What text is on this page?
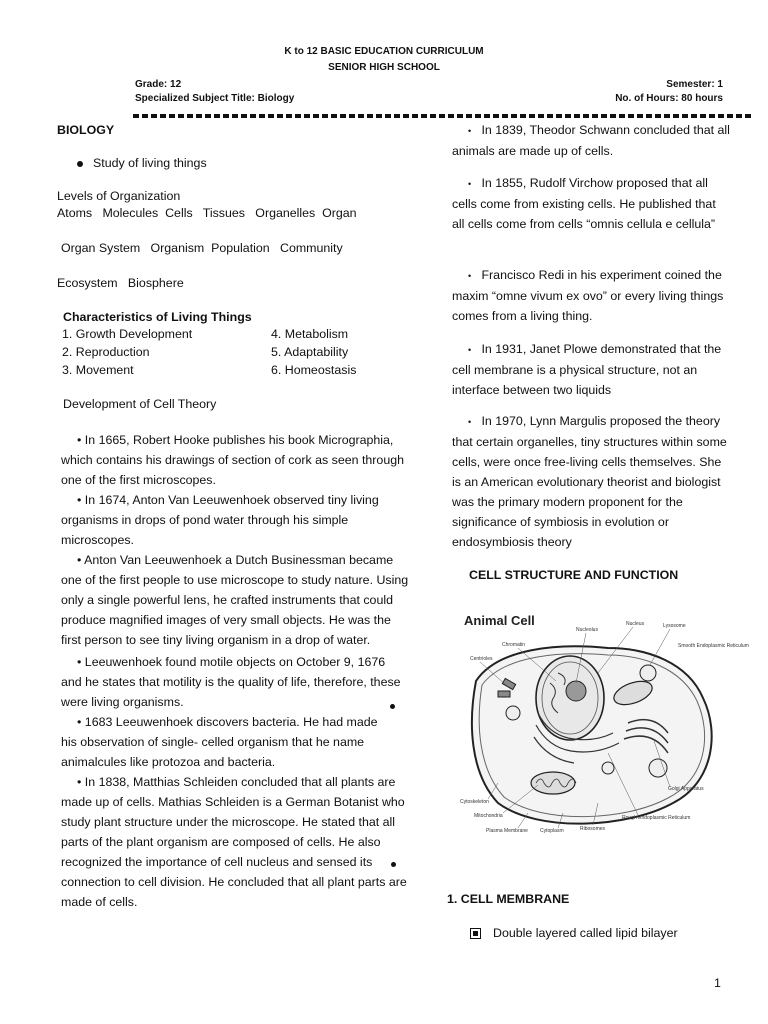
K to 12 BASIC EDUCATION CURRICULUM
SENIOR HIGH SCHOOL
Grade: 12	Semester: 1
Specialized Subject Title: Biology	No. of Hours: 80 hours
BIOLOGY
Study of living things
Levels of Organization
Atoms   Molecules  Cells   Tissues   Organelles  Organ
Organ System   Organism  Population   Community
Ecosystem   Biosphere
Characteristics of Living Things
1. Growth Development	4. Metabolism
2. Reproduction	5. Adaptability
3. Movement	6. Homeostasis
Development of Cell Theory
• In 1665, Robert Hooke publishes his book Micrographia, which contains his drawings of section of cork as seen through one of the first microscopes.
• In 1674, Anton Van Leeuwenhoek observed tiny living organisms in drops of pond water through his simple microscopes.
• Anton Van Leeuwenhoek a Dutch Businessman became one of the first people to use microscope to study nature. Using only a single powerful lens, he crafted instruments that could produce magnified images of very small objects. He was the first person to see tiny living organism in a drop of water.
• Leeuwenhoek found motile objects on October 9, 1676 and he states that motility is the quality of life, therefore, these were living organisms.
• 1683 Leeuwenhoek discovers bacteria. He had made his observation of single- celled organism that he name animalcules like protozoa and bacteria.
• In 1838, Matthias Schleiden concluded that all plants are made up of cells. Mathias Schleiden is a German Botanist who study plant structure under the microscope. He stated that all parts of the plant organism are composed of cells. He also recognized the importance of cell nucleus and sensed its connection to cell division. He concluded that all plant parts are made of cells.
• In 1839, Theodor Schwann concluded that all animals are made up of cells.
• In 1855, Rudolf Virchow proposed that all cells come from existing cells. He published that all cells come from cells “omnis cellula e cellula”
• Francisco Redi in his experiment coined the maxim “omne vivum ex ovo” or every living things comes from a living thing.
• In 1931, Janet Plowe demonstrated that the cell membrane is a physical structure, not an interface between two liquids
• In 1970, Lynn Margulis proposed the theory that certain organelles, tiny structures within some cells, were once free-living cells themselves. She is an American evolutionary theorist and biologist was the primary modern proponent for the significance of symbiosis in evolution or endosymbiosis theory
CELL STRUCTURE AND FUNCTION
Animal Cell
Nucleolus
Nucleus	Lysosome
Chromatin	Smooth Endoplasmic Reticulum
Centrioles
Golgi Apparatus
Cytoskeleton
Mitochondria
Plasma Membrane Cytoplasm	Ribosomes
Rough Endoplasmic Reticulum
1. CELL MEMBRANE
Double layered called lipid bilayer
1
